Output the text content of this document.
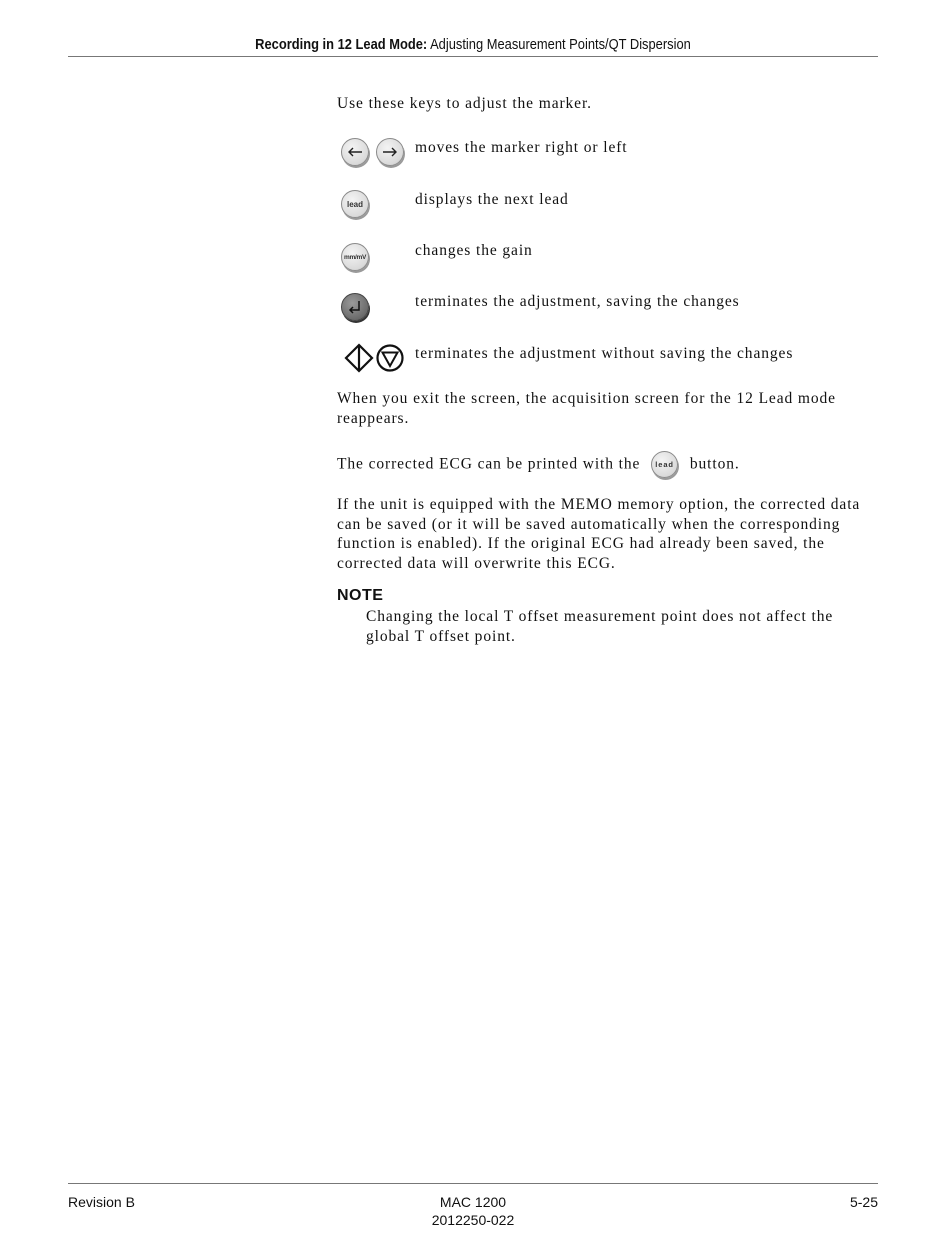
Recording in 12 Lead Mode: Adjusting Measurement Points/QT Dispersion
Use these keys to adjust the marker.
moves the marker right or left
lead	displays the next lead
mm/mV	changes the gain
terminates the adjustment, saving the changes
terminates the adjustment without saving the changes
When you exit the screen, the acquisition screen for the 12 Lead mode reappears.
The corrected ECG can be printed with the	lead button.
If the unit is equipped with the MEMO memory option, the corrected data can be saved (or it will be saved automatically when the corresponding function is enabled). If the original ECG had already been saved, the corrected data will overwrite this ECG.
NOTE
Changing the local T offset measurement point does not affect the global T offset point.
Revision B	MAC 1200
2012250-022
5-25
